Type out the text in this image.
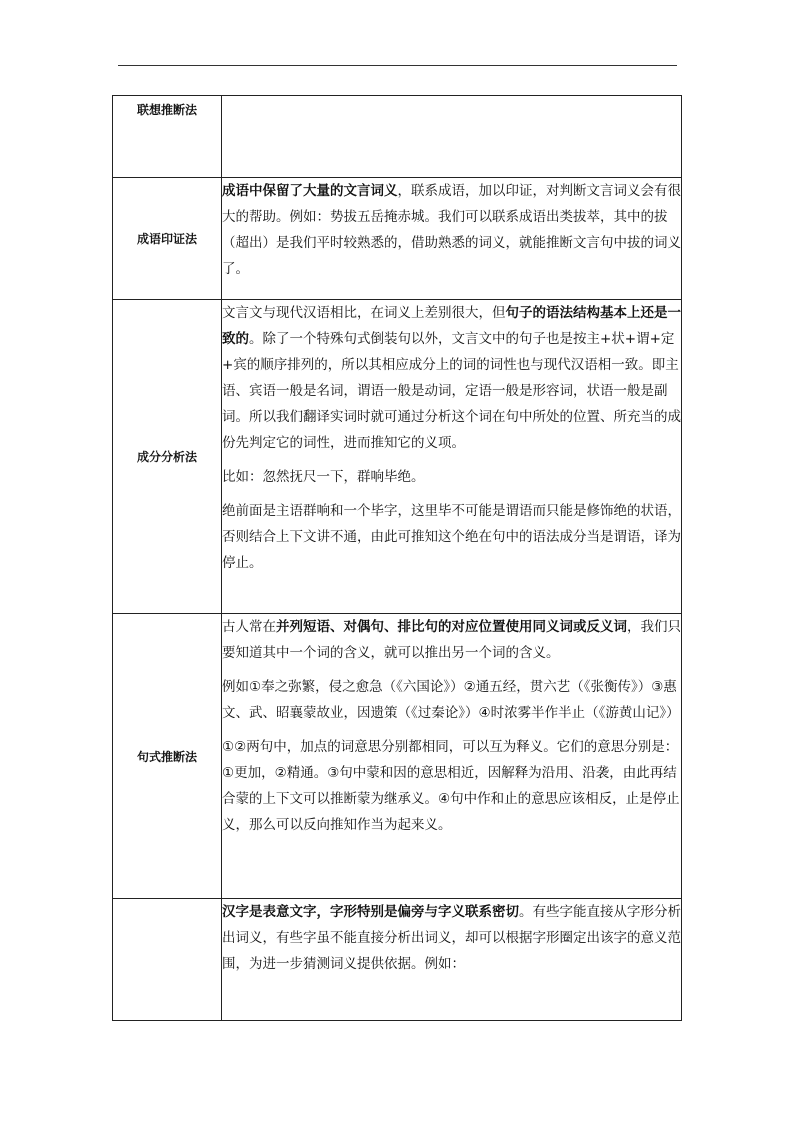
联想推断法	

成语印证法	成语中保留了大量的文言词义，联系成语，加以印证，对判断文言词义会有很大的帮助。例如：势拔五岳掩赤城。我们可以联系成语出类拔萃，其中的拔（超出）是我们平时较熟悉的，借助熟悉的词义，就能推断文言句中拔的词义了。

成分分析法	文言文与现代汉语相比，在词义上差别很大，但句子的语法结构基本上还是一致的。除了一个特殊句式倒装句以外，文言文中的句子也是按主+状+谓+定+宾的顺序排列的，所以其相应成分上的词的词性也与现代汉语相一致。即主语、宾语一般是名词，谓语一般是动词，定语一般是形容词，状语一般是副词。所以我们翻译实词时就可通过分析这个词在句中所处的位置、所充当的成份先判定它的词性，进而推知它的义项。

比如：忽然抚尺一下，群响毕绝。

绝前面是主语群响和一个毕字，这里毕不可能是谓语而只能是修饰绝的状语，否则结合上下文讲不通，由此可推知这个绝在句中的语法成分当是谓语，译为停止。

句式推断法	古人常在并列短语、对偶句、排比句的对应位置使用同义词或反义词，我们只要知道其中一个词的含义，就可以推出另一个词的含义。

例如①奉之弥繁，侵之愈急（《六国论》）②通五经，贯六艺（《张衡传》）③惠文、武、昭襄蒙故业，因遗策（《过秦论》）④时浓雾半作半止（《游黄山记》）

①②两句中，加点的词意思分别都相同，可以互为释义。它们的意思分别是：①更加，②精通。③句中蒙和因的意思相近，因解释为沿用、沿袭，由此再结合蒙的上下文可以推断蒙为继承义。④句中作和止的意思应该相反，止是停止义，那么可以反向推知作当为起来义。

	汉字是表意文字，字形特别是偏旁与字义联系密切。有些字能直接从字形分析出词义，有些字虽不能直接分析出词义，却可以根据字形圈定出该字的意义范围，为进一步猜测词义提供依据。例如：
